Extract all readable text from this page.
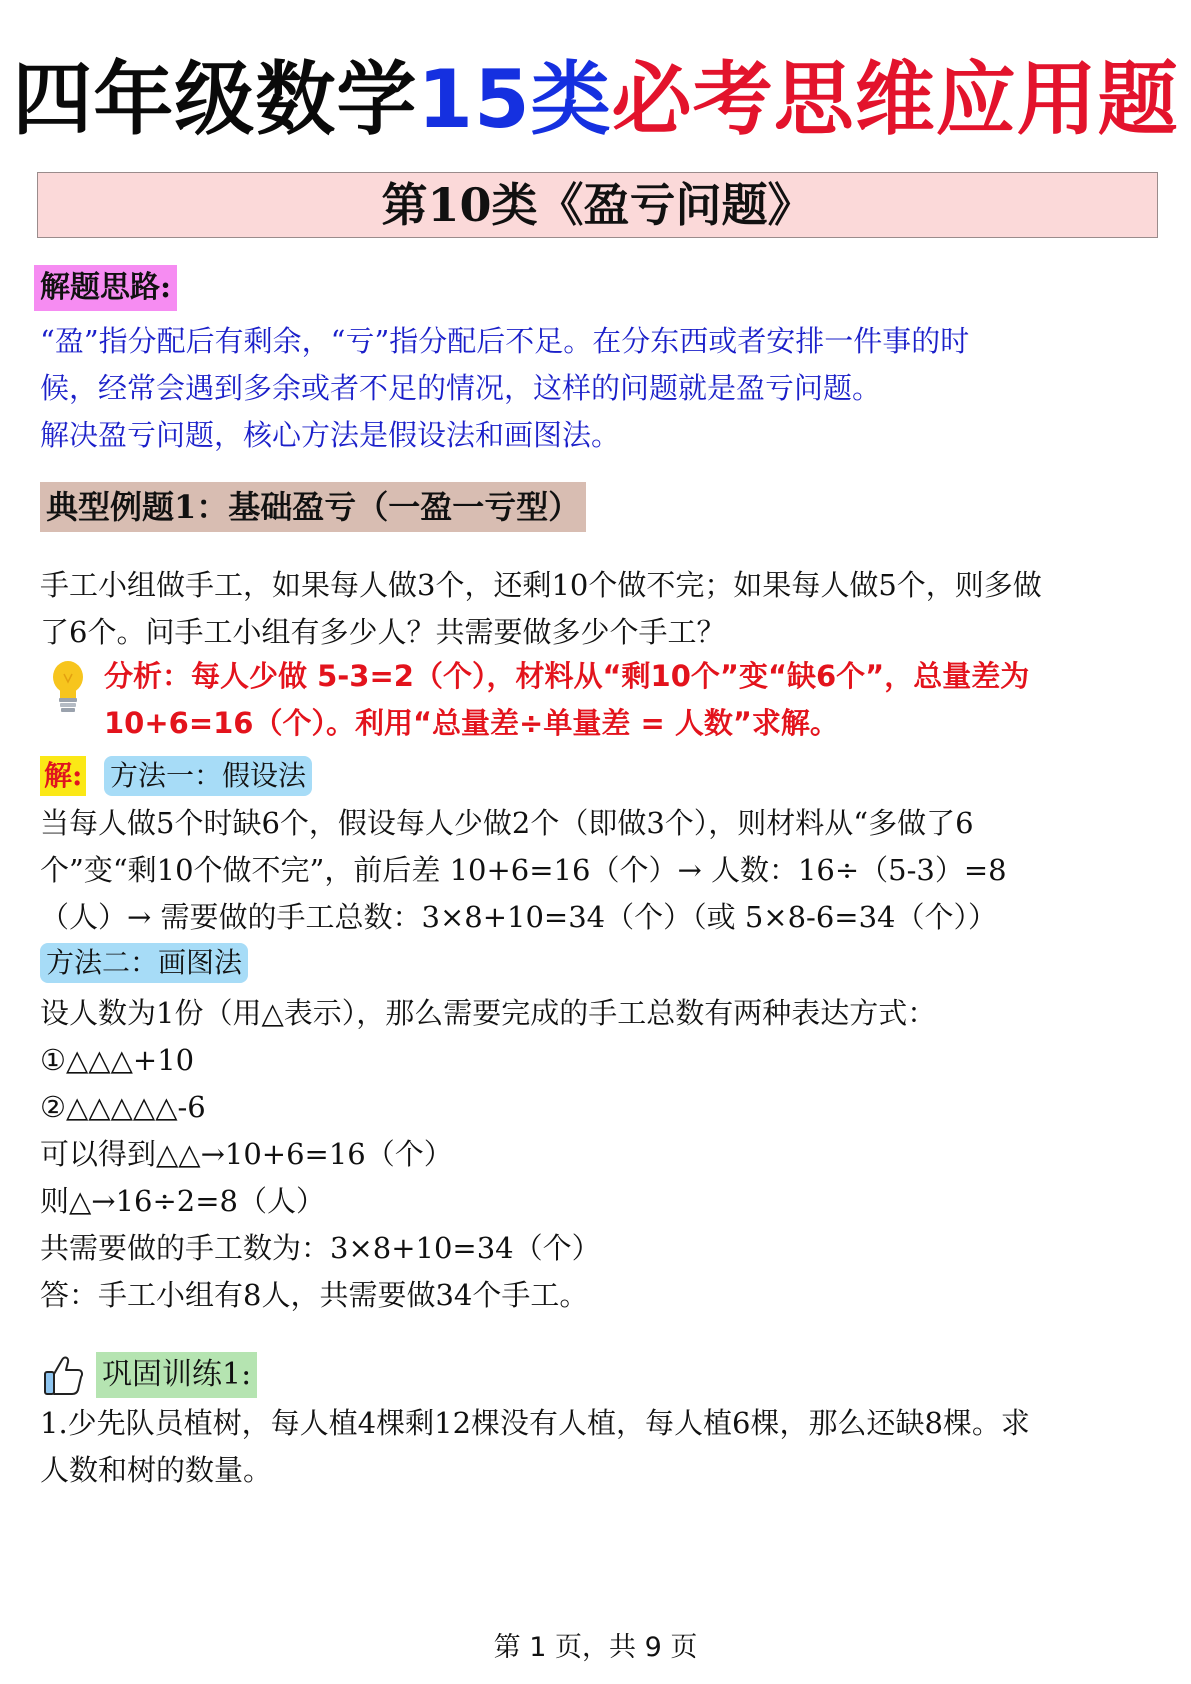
四年级数学15类必考思维应用题
第10类《盈亏问题》
解题思路:
“盈”指分配后有剩余，“亏”指分配后不足。在分东西或者安排一件事的时
候，经常会遇到多余或者不足的情况，这样的问题就是盈亏问题。
解决盈亏问题，核心方法是假设法和画图法。
典型例题1：基础盈亏（一盈一亏型）
手工小组做手工，如果每人做3个，还剩10个做不完；如果每人做5个，则多做
了6个。问手工小组有多少人？共需要做多少个手工？
分析：每人少做 5-3=2（个），材料从“剩10个”变“缺6个”，总量差为
10+6=16（个）。利用“总量差÷单量差 = 人数”求解。
解: 方法一：假设法
当每人做5个时缺6个，假设每人少做2个（即做3个），则材料从“多做了6
个”变“剩10个做不完”，前后差 10+6=16（个）→ 人数：16÷（5-3）=8
（人）→ 需要做的手工总数：3×8+10=34（个）（或 5×8-6=34（个））
方法二：画图法
设人数为1份（用△表示），那么需要完成的手工总数有两种表达方式：
①△△△+10
②△△△△△-6
可以得到△△→10+6=16（个）
则△→16÷2=8（人）
共需要做的手工数为：3×8+10=34（个）
答：手工小组有8人，共需要做34个手工。
巩固训练1:
1.少先队员植树，每人植4棵剩12棵没有人植，每人植6棵，那么还缺8棵。求
人数和树的数量。
第 1 页，共 9 页
